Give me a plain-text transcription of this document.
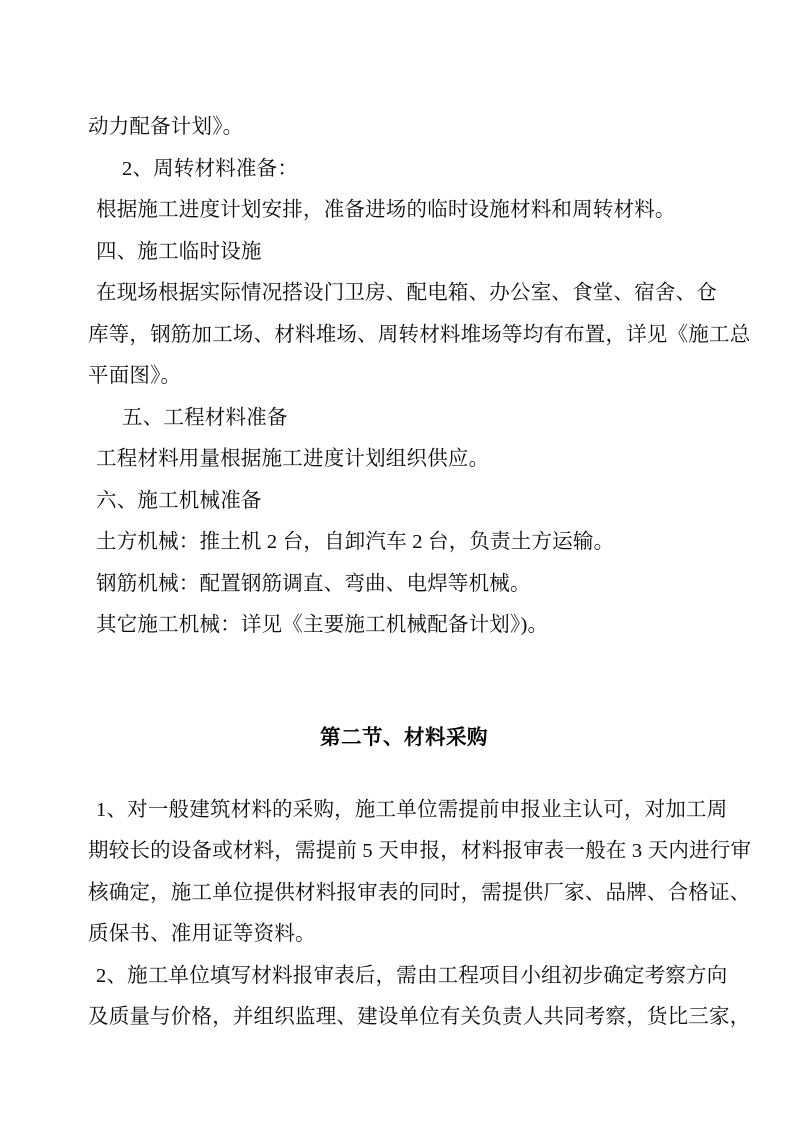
动力配备计划》。
2、周转材料准备：
根据施工进度计划安排，准备进场的临时设施材料和周转材料。
四、施工临时设施
在现场根据实际情况搭设门卫房、配电箱、办公室、食堂、宿舍、仓
库等，钢筋加工场、材料堆场、周转材料堆场等均有布置，详见《施工总
平面图》。
五、工程材料准备
工程材料用量根据施工进度计划组织供应。
六、施工机械准备
土方机械：推土机 2 台，自卸汽车 2 台，负责土方运输。
钢筋机械：配置钢筋调直、弯曲、电焊等机械。
其它施工机械：详见《主要施工机械配备计划》)。

第二节、材料采购

1、对一般建筑材料的采购，施工单位需提前申报业主认可，对加工周
期较长的设备或材料，需提前 5 天申报，材料报审表一般在 3 天内进行审
核确定，施工单位提供材料报审表的同时，需提供厂家、品牌、合格证、
质保书、准用证等资料。
2、施工单位填写材料报审表后，需由工程项目小组初步确定考察方向
及质量与价格，并组织监理、建设单位有关负责人共同考察，货比三家，
